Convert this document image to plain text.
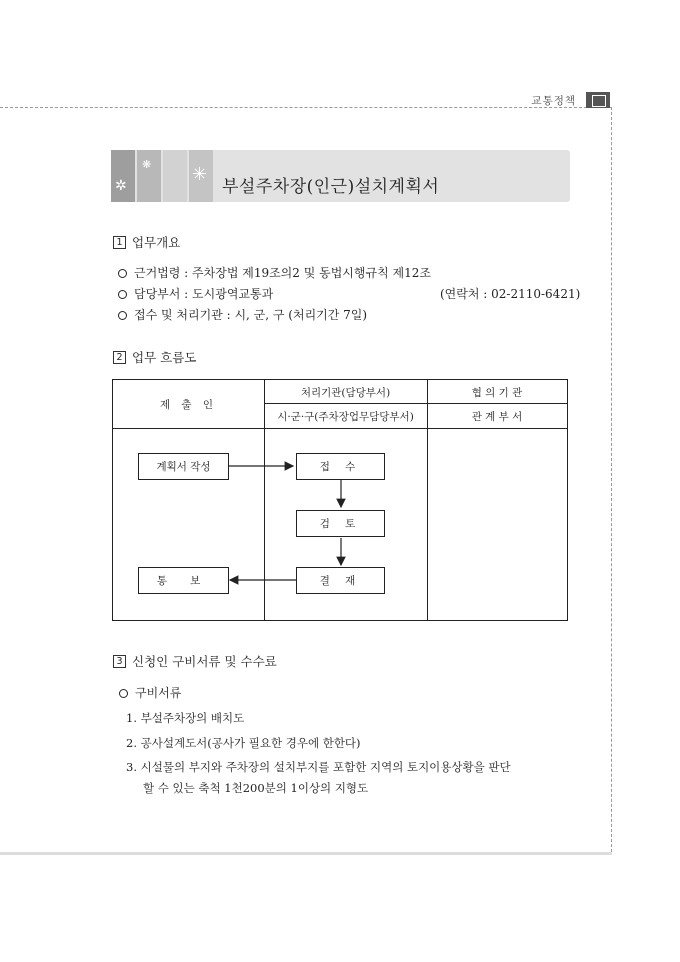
교통정책
✲
❋ ✳
부설주차장(인근)설치계획서
1 업무개요
근거법령 : 주차장법 제19조의2 및 동법시행규칙 제12조
담당부서 : 도시광역교통과	(연락처 : 02-2110-6421)
접수 및 처리기관 : 시, 군, 구 (처리기간 7일)
2 업무 흐름도
제 출 인
처리기관(담당부서)
시·군·구(주차장업무담당부서)
협 의 기 관
관 계 부 서
계획서 작성	접 수
검 토
결 재
통 보
3 신청인 구비서류 및 수수료
구비서류
1. 부설주차장의 배치도
2. 공사설계도서(공사가 필요한 경우에 한한다)
3. 시설물의 부지와 주차장의 설치부지를 포함한 지역의 토지이용상황을 판단
할 수 있는 축척 1천200분의 1이상의 지형도
